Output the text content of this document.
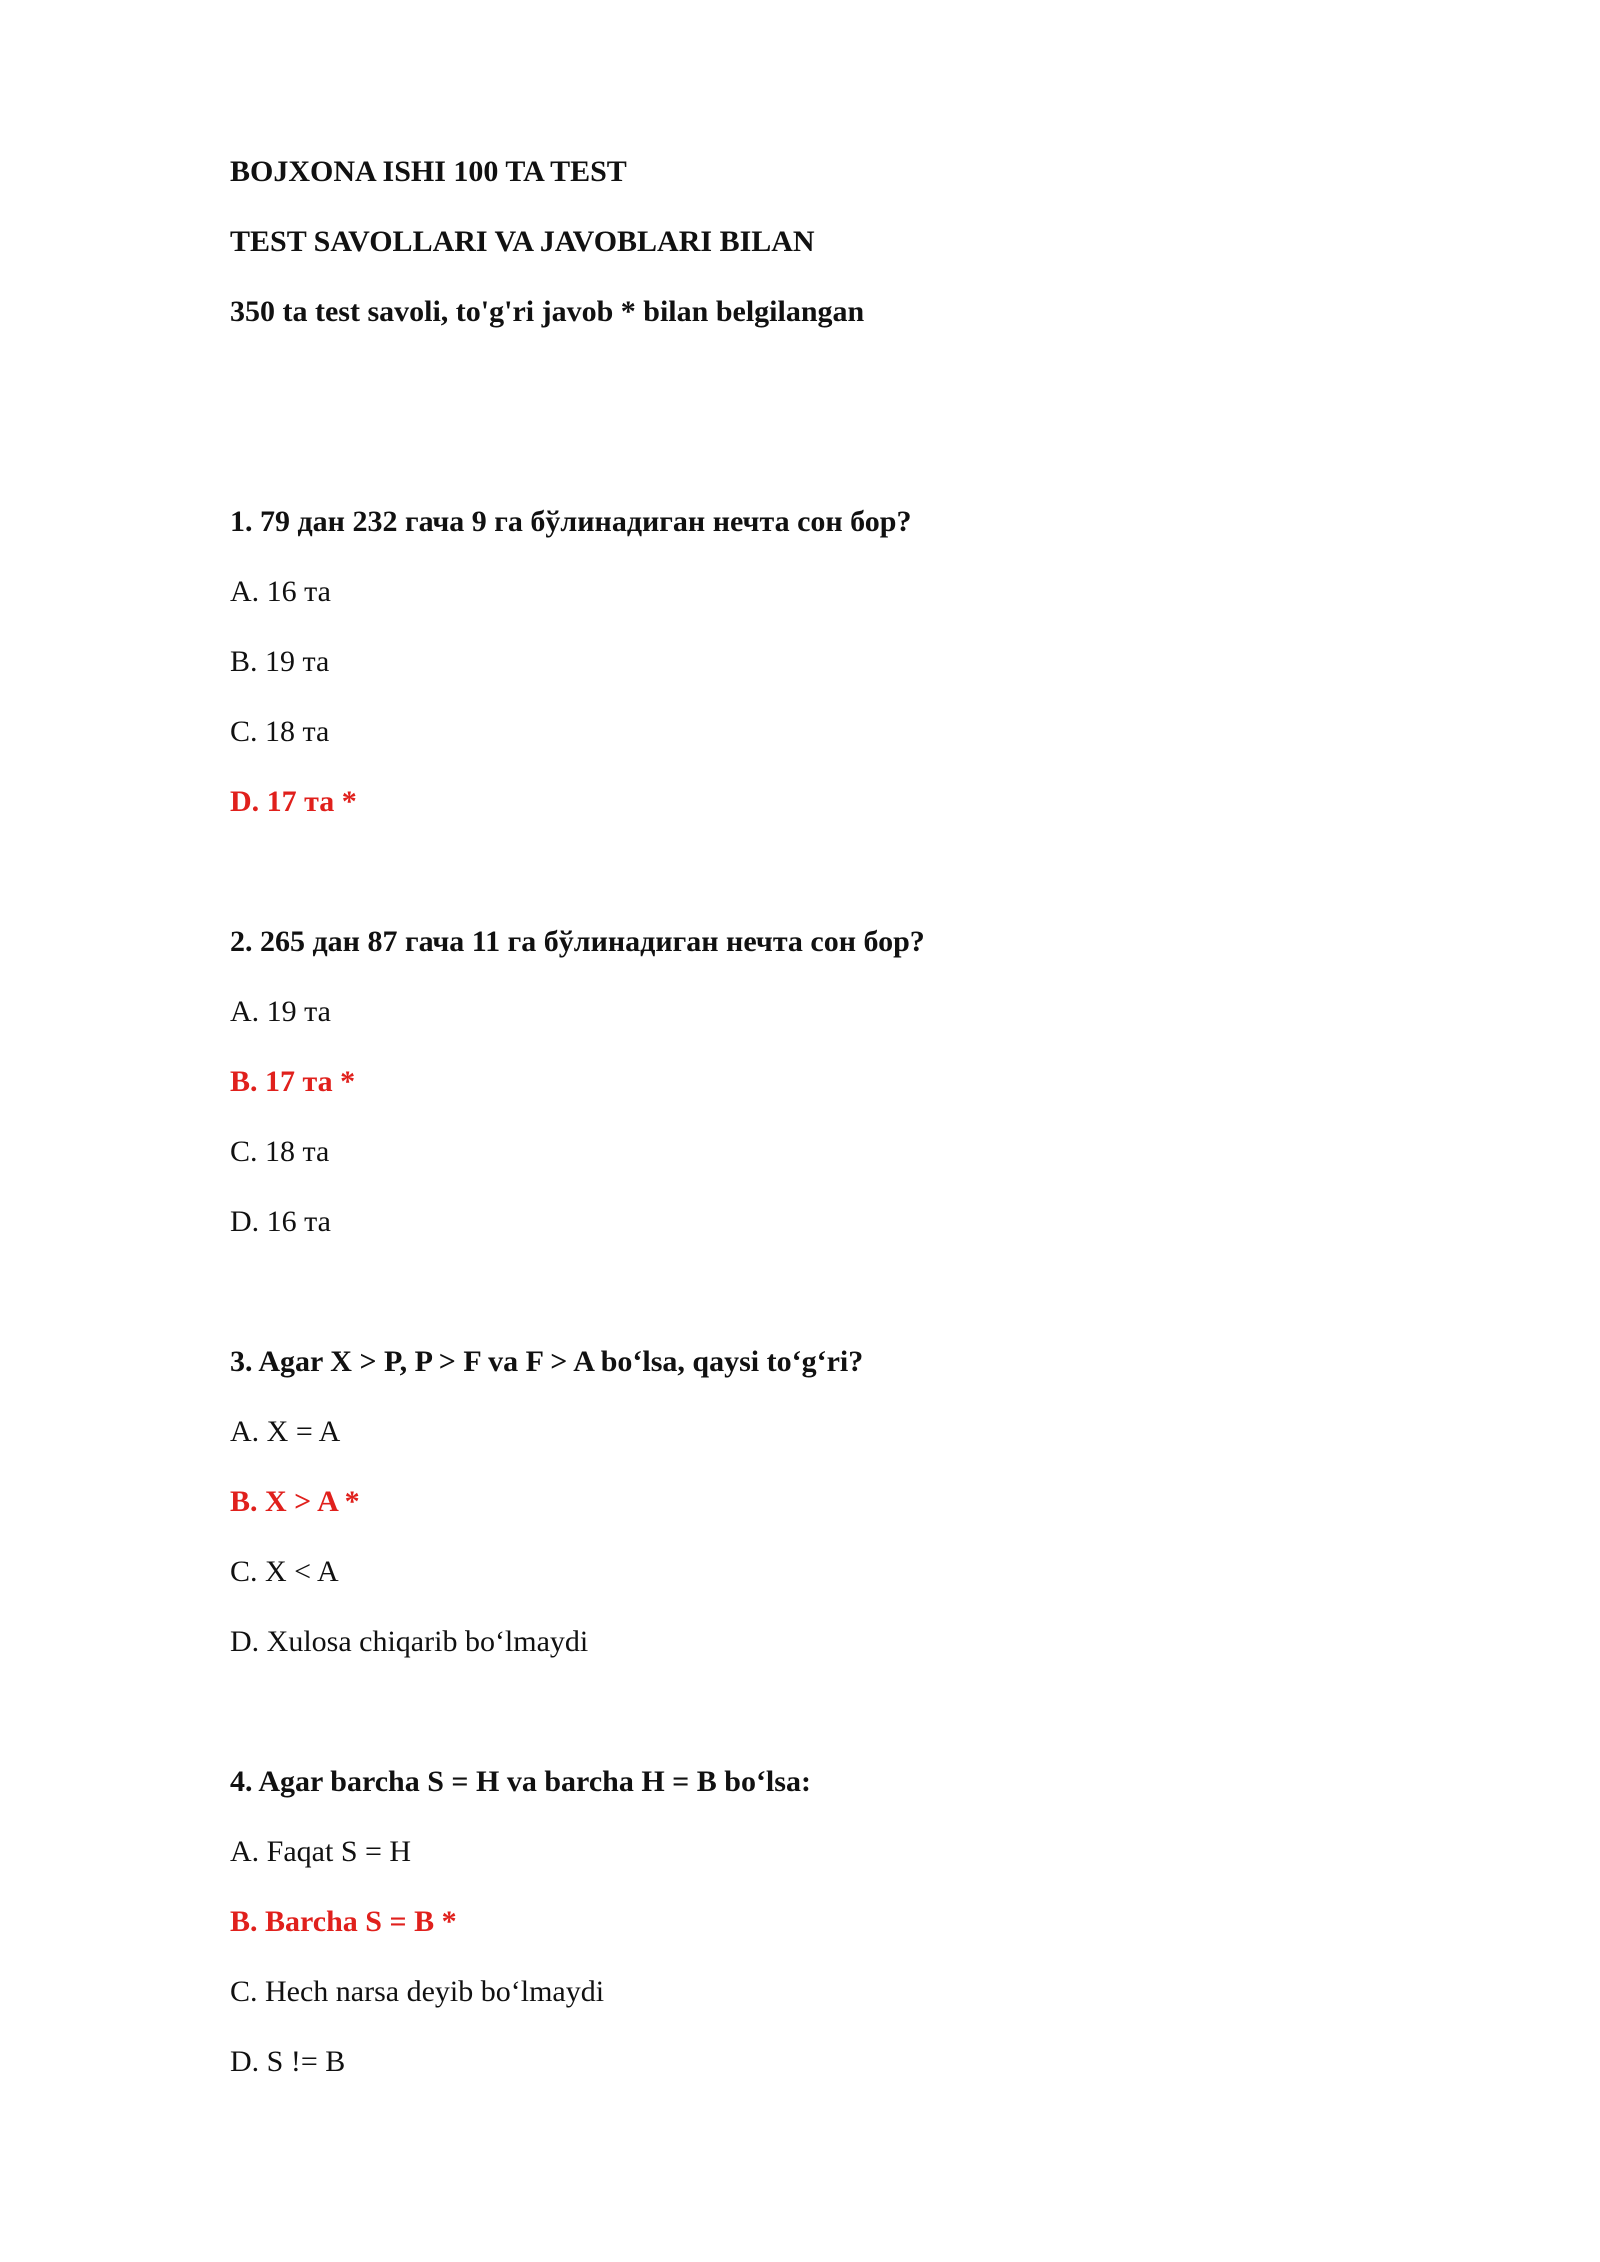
BOJXONA ISHI 100 TA TEST
TEST SAVOLLARI VA JAVOBLARI BILAN
350 ta test savoli, to'g'ri javob * bilan belgilangan
1. 79 дан 232 гача 9 га бўлинадиган нечта сон бор?
A. 16 та
B. 19 та
C. 18 та
D. 17 та *
2. 265 дан 87 гача 11 га бўлинадиган нечта сон бор?
A. 19 та
B. 17 та *
C. 18 та
D. 16 та
3. Agar X > P, P > F va F > A bo‘lsa, qaysi to‘g‘ri?
A. X = A
B. X > A *
C. X < A
D. Xulosa chiqarib bo‘lmaydi
4. Agar barcha S = H va barcha H = B bo‘lsa:
A. Faqat S = H
B. Barcha S = B *
C. Hech narsa deyib bo‘lmaydi
D. S != B
